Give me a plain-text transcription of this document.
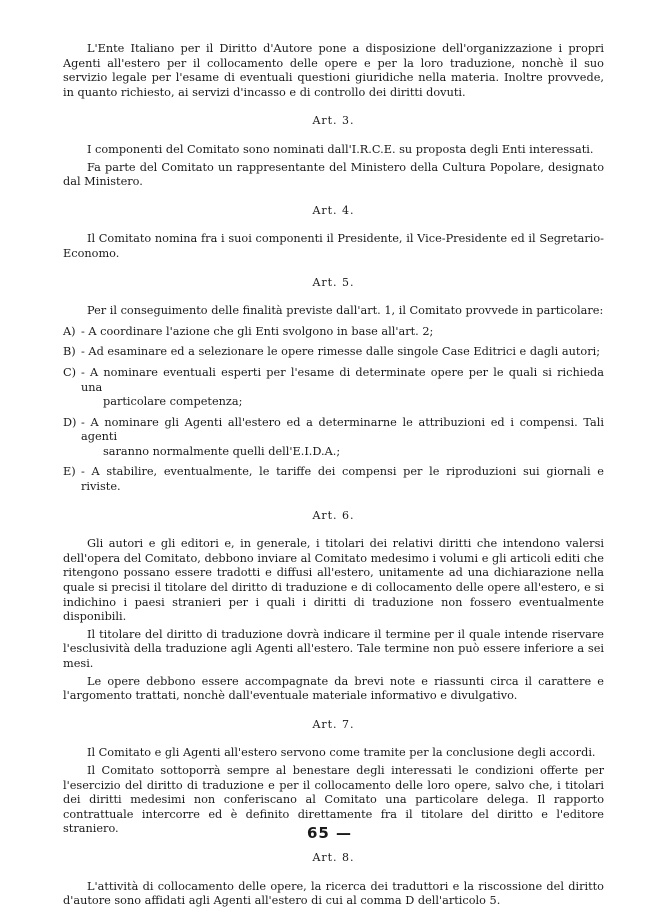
L'Ente Italiano per il Diritto d'Autore pone a disposizione dell'organizzazione i propri Agenti all'estero per il collocamento delle opere e per la loro traduzione, nonchè il suo servizio legale per l'esame di eventuali questioni giuridiche nella materia. Inoltre provvede, in quanto richiesto, ai servizi d'incasso e di controllo dei diritti dovuti.

Art. 3.

I componenti del Comitato sono nominati dall'I.R.C.E. su proposta degli Enti interessati.

Fa parte del Comitato un rappresentante del Ministero della Cultura Popolare, designato dal Ministero.

Art. 4.

Il Comitato nomina fra i suoi componenti il Presidente, il Vice-Presidente ed il Segretario-Economo.

Art. 5.

Per il conseguimento delle finalità previste dall'art. 1, il Comitato provvede in particolare:

A) - A coordinare l'azione che gli Enti svolgono in base all'art. 2;
B) - Ad esaminare ed a selezionare le opere rimesse dalle singole Case Editrici e dagli autori;
C) - A nominare eventuali esperti per l'esame di determinate opere per le quali si richieda una
particolare competenza;
D) - A nominare gli Agenti all'estero ed a determinarne le attribuzioni ed i compensi. Tali agenti
saranno normalmente quelli dell'E.I.D.A.;
E) - A stabilire, eventualmente, le tariffe dei compensi per le riproduzioni sui giornali e riviste.
Art. 6.

Gli autori e gli editori e, in generale, i titolari dei relativi diritti che intendono valersi dell'opera del Comitato, debbono inviare al Comitato medesimo i volumi e gli articoli editi che ritengono possano essere tradotti e diffusi all'estero, unitamente ad una dichiarazione nella quale si precisi il titolare del diritto di traduzione e di collocamento delle opere all'estero, e si indichino i paesi stranieri per i quali i diritti di traduzione non fossero eventualmente disponibili.

Il titolare del diritto di traduzione dovrà indicare il termine per il quale intende riservare l'esclusività della traduzione agli Agenti all'estero. Tale termine non può essere inferiore a sei mesi.

Le opere debbono essere accompagnate da brevi note e riassunti circa il carattere e l'argomento trattati, nonchè dall'eventuale materiale informativo e divulgativo.

Art. 7.

Il Comitato e gli Agenti all'estero servono come tramite per la conclusione degli accordi.

Il Comitato sottoporrà sempre al benestare degli interessati le condizioni offerte per l'esercizio del diritto di traduzione e per il collocamento delle loro opere, salvo che, i titolari dei diritti medesimi non conferiscano al Comitato una particolare delega. Il rapporto contrattuale intercorre ed è definito direttamente fra il titolare del diritto e l'editore straniero.

Art. 8.

L'attività di collocamento delle opere, la ricerca dei traduttori e la riscossione del diritto d'autore sono affidati agli Agenti all'estero di cui al comma D dell'articolo 5.

65 —
